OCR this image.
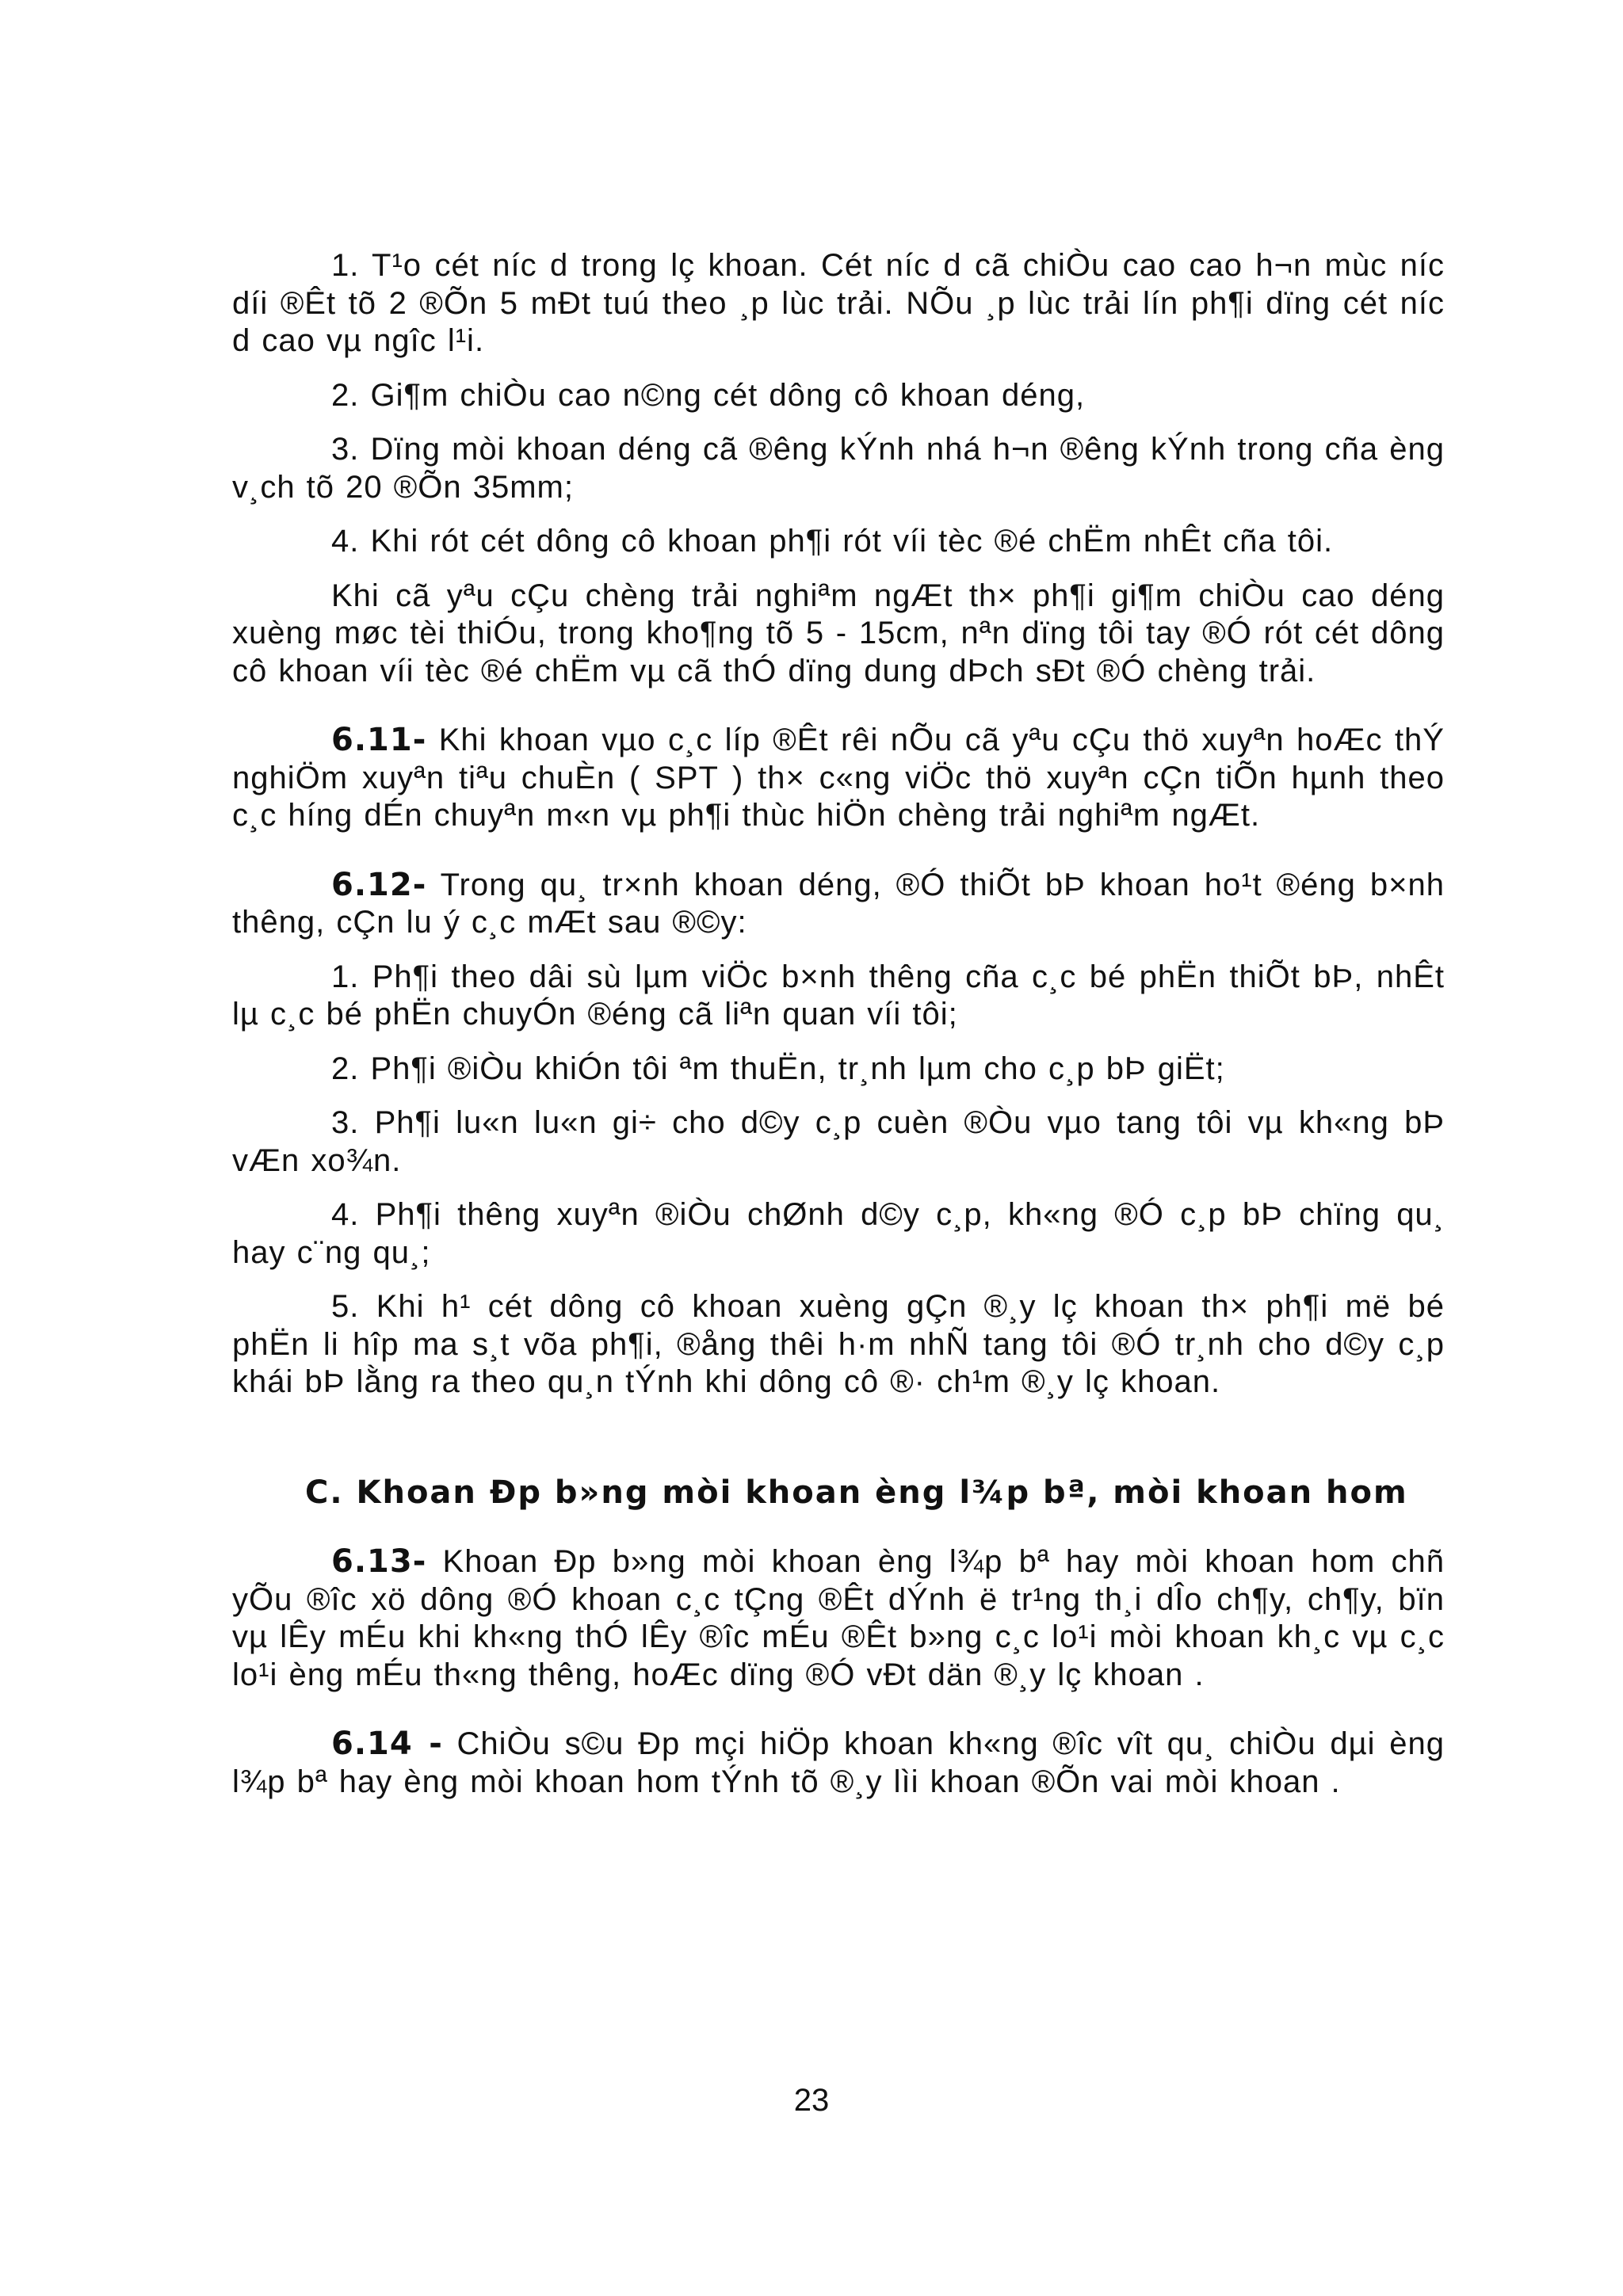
1. T¹o cét níc d trong lç khoan. Cét níc d cã chiÒu cao cao h¬n mùc níc díi ®Êt tõ 2 ®Õn 5 mÐt tuú theo ¸p lùc trải. NÕu ¸p lùc trải lín ph¶i dïng cét níc d cao vµ ngîc l¹i.

2. Gi¶m chiÒu cao n©ng cét dông cô khoan déng,

3. Dïng mòi khoan déng cã ®êng kÝnh nhá h¬n ®êng kÝnh trong cña èng v¸ch tõ 20 ®Õn 35mm;

4. Khi rót cét dông cô khoan ph¶i rót víi tèc ®é chËm nhÊt cña tôi.

Khi cã yªu cÇu chèng trải nghiªm ngÆt th× ph¶i gi¶m chiÒu cao déng xuèng møc tèi thiÓu, trong kho¶ng tõ 5 - 15cm, nªn dïng tôi tay ®Ó rót cét dông cô khoan víi tèc ®é chËm vµ cã thÓ dïng dung dÞch sÐt ®Ó chèng trải.

6.11- Khi khoan vµo c¸c líp ®Êt rêi nÕu cã yªu cÇu thö xuyªn hoÆc thÝ nghiÖm xuyªn tiªu chuÈn ( SPT ) th× c«ng viÖc thö xuyªn cÇn tiÕn hµnh theo c¸c híng dÉn chuyªn m«n vµ ph¶i thùc hiÖn chèng trải nghiªm ngÆt.

6.12- Trong qu¸ tr×nh khoan déng, ®Ó thiÕt bÞ khoan ho¹t ®éng b×nh thêng, cÇn lu ý c¸c mÆt sau ®©y:

1. Ph¶i theo dâi sù lµm viÖc b×nh thêng cña c¸c bé phËn thiÕt bÞ, nhÊt lµ c¸c bé phËn chuyÓn ®éng cã liªn quan víi tôi;

2. Ph¶i ®iÒu khiÓn tôi ªm thuËn, tr¸nh lµm cho c¸p bÞ giËt;

3. Ph¶i lu«n lu«n gi÷ cho d©y c¸p cuèn ®Òu vµo tang tôi vµ kh«ng bÞ vÆn xo¾n.

4. Ph¶i thêng xuyªn ®iÒu chØnh d©y c¸p, kh«ng ®Ó c¸p bÞ chïng qu¸ hay c¨ng qu¸;

5. Khi h¹ cét dông cô khoan xuèng gÇn ®¸y lç khoan th× ph¶i më bé phËn li hîp ma s¸t võa ph¶i, ®ång thêi h·m nhÑ tang tôi ®Ó tr¸nh cho d©y c¸p khái bÞ lằng ra theo qu¸n tÝnh khi dông cô ®· ch¹m ®¸y lç khoan.

C. Khoan Ðp b»ng mòi khoan èng l¾p bª, mòi khoan hom

6.13- Khoan Ðp b»ng mòi khoan èng l¾p bª hay mòi khoan hom chñ yÕu ®îc xö dông ®Ó khoan c¸c tÇng ®Êt dÝnh ë tr¹ng th¸i dÎo ch¶y, ch¶y, bïn vµ lÊy mÉu khi kh«ng thÓ lÊy ®îc mÉu ®Êt b»ng c¸c lo¹i mòi khoan kh¸c vµ c¸c lo¹i èng mÉu th«ng thêng, hoÆc dïng ®Ó vÐt dän ®¸y lç khoan .

6.14 - ChiÒu s©u Ðp mçi hiÖp khoan kh«ng ®îc vît qu¸ chiÒu dµi èng l¾p bª hay èng mòi khoan hom tÝnh tõ ®¸y lìi khoan ®Õn vai mòi khoan .

23
